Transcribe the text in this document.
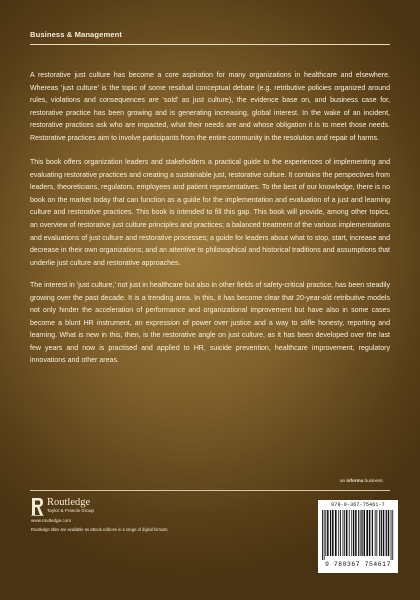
Business & Management

A restorative just culture has become a core aspiration for many organizations in healthcare and elsewhere. Whereas ‘just culture’ is the topic of some residual conceptual debate (e.g. retributive policies organized around rules, violations and consequences are ‘sold’ as just culture), the evidence base on, and business case for, restorative practice has been growing and is generating increasing, global interest. In the wake of an incident, restorative practices ask who are impacted, what their needs are and whose obligation it is to meet those needs. Restorative practices aim to involve participants from the entire community in the resolution and repair of harms.

This book offers organization leaders and stakeholders a practical guide to the experiences of implementing and evaluating restorative practices and creating a sustainable just, restorative culture. It contains the perspectives from leaders, theoreticians, regulators, employees and patient representatives. To the best of our knowledge, there is no book on the market today that can function as a guide for the implementation and evaluation of a just and learning culture and restorative practices. This book is intended to fill this gap. This book will provide, among other topics, an overview of restorative just culture principles and practices; a balanced treatment of the various implementations and evaluations of just culture and restorative processes; a guide for leaders about what to stop, start, increase and decrease in their own organizations; and an attentive to philosophical and historical traditions and assumptions that underlie just culture and restorative approaches.

The interest in ‘just culture,’ not just in healthcare but also in other fields of safety-critical practice, has been steadily growing over the past decade. It is a trending area. In this, it has become clear that 20-year-old retributive models not only hinder the acceleration of performance and organizational improvement but have also in some cases become a blunt HR instrument, an expression of power over justice and a way to stifle honesty, reporting and learning. What is new in this, then, is the restorative angle on just culture, as it has been developed over the last few years and now is practised and applied to HR, suicide prevention, healthcare improvement, regulatory innovations and other areas.

an informa business
Routledge
Taylor & Francis Group
www.routledge.com
Routledge titles are available as eBook editions in a range of digital formats
978-0-367-75461-7
9 780367 754617
